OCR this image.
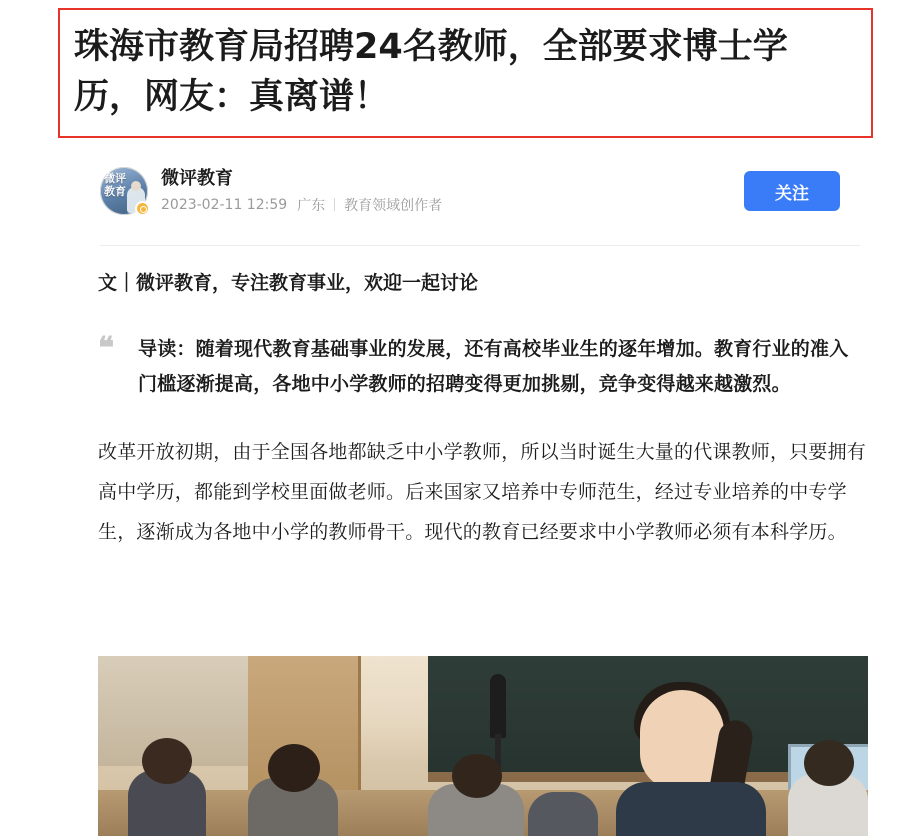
珠海市教育局招聘24名教师，全部要求博士学历，网友：真离谱！
微评教育
微评教育
2023-02-11 12:59 广东 教育领域创作者
关注

文｜微评教育，专注教育事业，欢迎一起讨论

❝ 导读：随着现代教育基础事业的发展，还有高校毕业生的逐年增加。教育行业的准入门槛逐渐提高，各地中小学教师的招聘变得更加挑剔，竞争变得越来越激烈。

改革开放初期，由于全国各地都缺乏中小学教师，所以当时诞生大量的代课教师，只要拥有高中学历，都能到学校里面做老师。后来国家又培养中专师范生，经过专业培养的中专学生，逐渐成为各地中小学的教师骨干。现代的教育已经要求中小学教师必须有本科学历。
